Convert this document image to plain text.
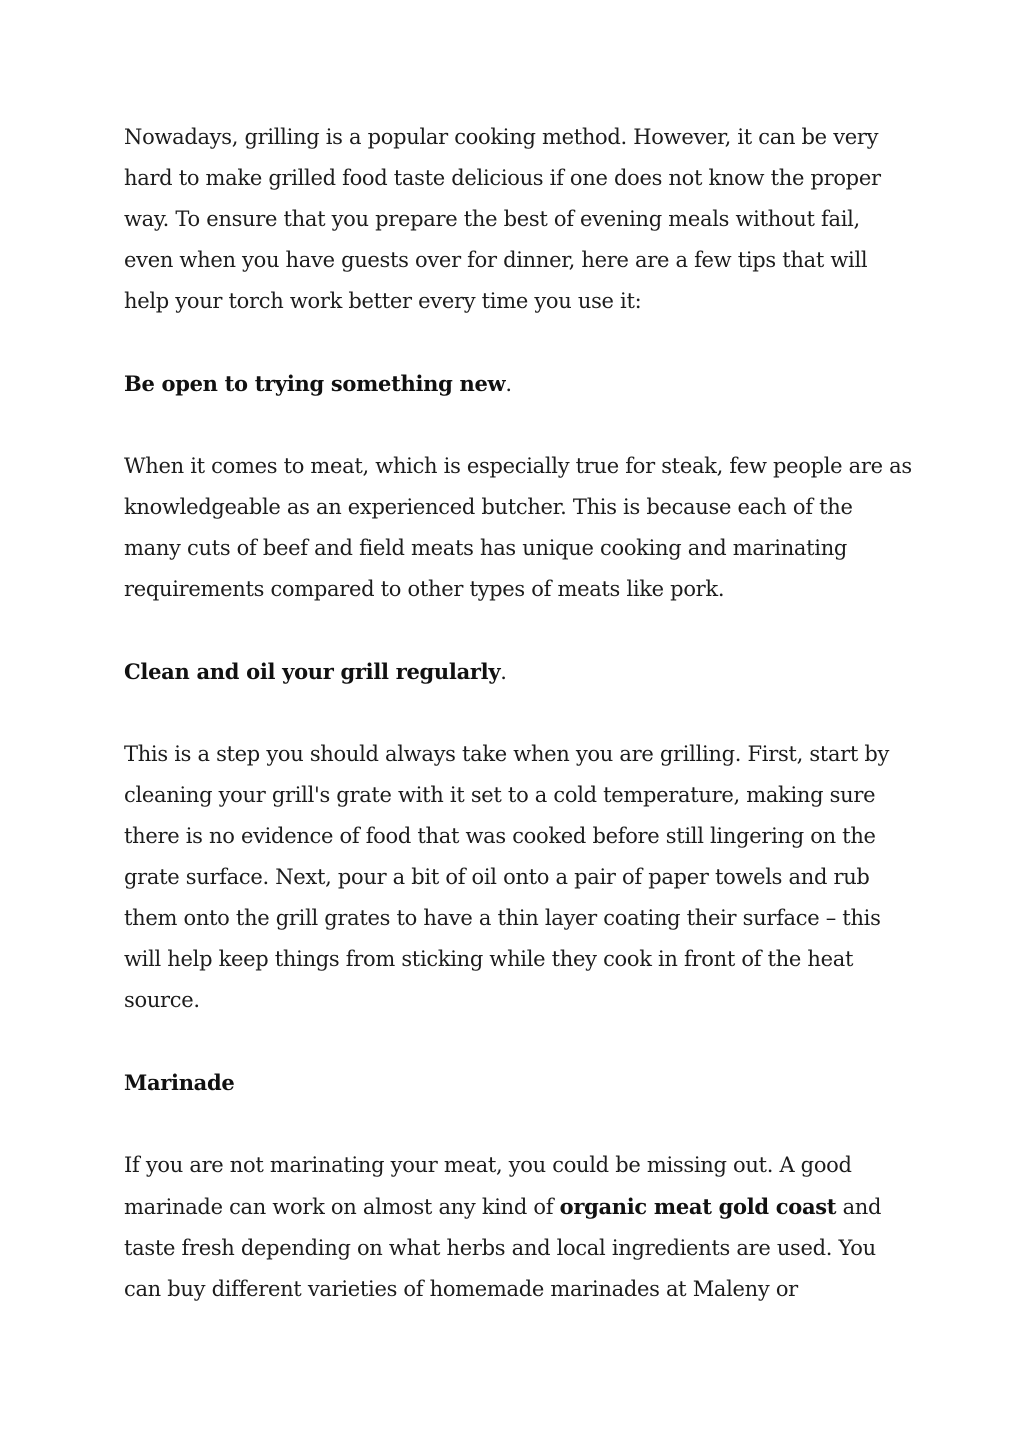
Nowadays, grilling is a popular cooking method. However, it can be very hard to make grilled food taste delicious if one does not know the proper way. To ensure that you prepare the best of evening meals without fail, even when you have guests over for dinner, here are a few tips that will help your torch work better every time you use it:

Be open to trying something new.

When it comes to meat, which is especially true for steak, few people are as knowledgeable as an experienced butcher. This is because each of the many cuts of beef and field meats has unique cooking and marinating requirements compared to other types of meats like pork.

Clean and oil your grill regularly.

This is a step you should always take when you are grilling. First, start by cleaning your grill's grate with it set to a cold temperature, making sure there is no evidence of food that was cooked before still lingering on the grate surface. Next, pour a bit of oil onto a pair of paper towels and rub them onto the grill grates to have a thin layer coating their surface – this will help keep things from sticking while they cook in front of the heat source.

Marinade

If you are not marinating your meat, you could be missing out. A good marinade can work on almost any kind of organic meat gold coast and taste fresh depending on what herbs and local ingredients are used. You can buy different varieties of homemade marinades at Maleny or
